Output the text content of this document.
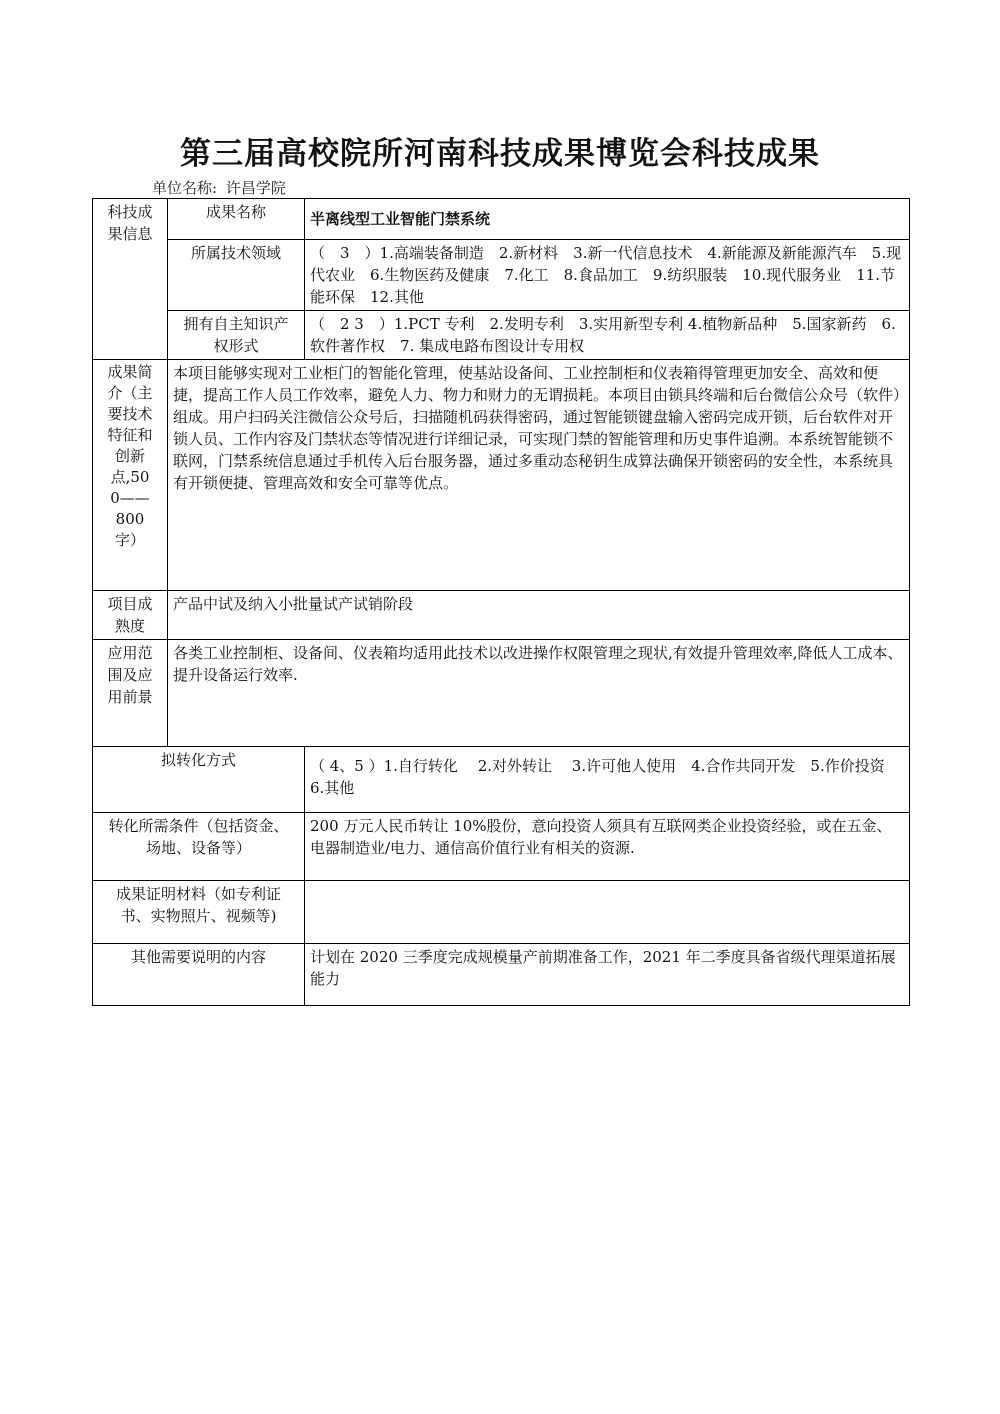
第三届高校院所河南科技成果博览会科技成果
单位名称: 许昌学院
科技成果信息	成果名称	半离线型工业智能门禁系统
	所属技术领域	（　3　）1.高端装备制造　2.新材料　3.新一代信息技术　4.新能源及新能源汽车　5.现代农业　6.生物医药及健康　7.化工　8.食品加工　9.纺织服装　10.现代服务业　11.节能环保　12.其他

	拥有自主知识产权形式	（　2 3　）1.PCT 专利　2.发明专利　3.实用新型专利 4.植物新品种　5.国家新药　6.软件著作权　7. 集成电路布图设计专用权

成果简介（主要技术特征和创新点,500——800字）	本项目能够实现对工业柜门的智能化管理，使基站设备间、工业控制柜和仪表箱得管理更加安全、高效和便捷，提高工作人员工作效率，避免人力、物力和财力的无谓损耗。本项目由锁具终端和后台微信公众号（软件）组成。用户扫码关注微信公众号后，扫描随机码获得密码，通过智能锁键盘输入密码完成开锁，后台软件对开锁人员、工作内容及门禁状态等情况进行详细记录，可实现门禁的智能管理和历史事件追溯。本系统智能锁不联网，门禁系统信息通过手机传入后台服务器，通过多重动态秘钥生成算法确保开锁密码的安全性，本系统具有开锁便捷、管理高效和安全可靠等优点。	

项目成熟度	产品中试及纳入小批量试产试销阶段	

应用范围及应用前景	各类工业控制柜、设备间、仪表箱均适用此技术以改进操作权限管理之现状,有效提升管理效率,降低人工成本、提升设备运行效率.	
拟转化方式		（ 4、5 ）1.自行转化　 2.对外转让　 3.许可他人使用　4.合作共同开发　5.作价投资　 6.其他

转化所需条件（包括资金、场地、设备等）		200 万元人民币转让 10%股份，意向投资人须具有互联网类企业投资经验，或在五金、电器制造业/电力、通信高价值行业有相关的资源.

成果证明材料（如专利证书、实物照片、视频等)		

其他需要说明的内容		计划在 2020 三季度完成规模量产前期准备工作，2021 年二季度具备省级代理渠道拓展能力
